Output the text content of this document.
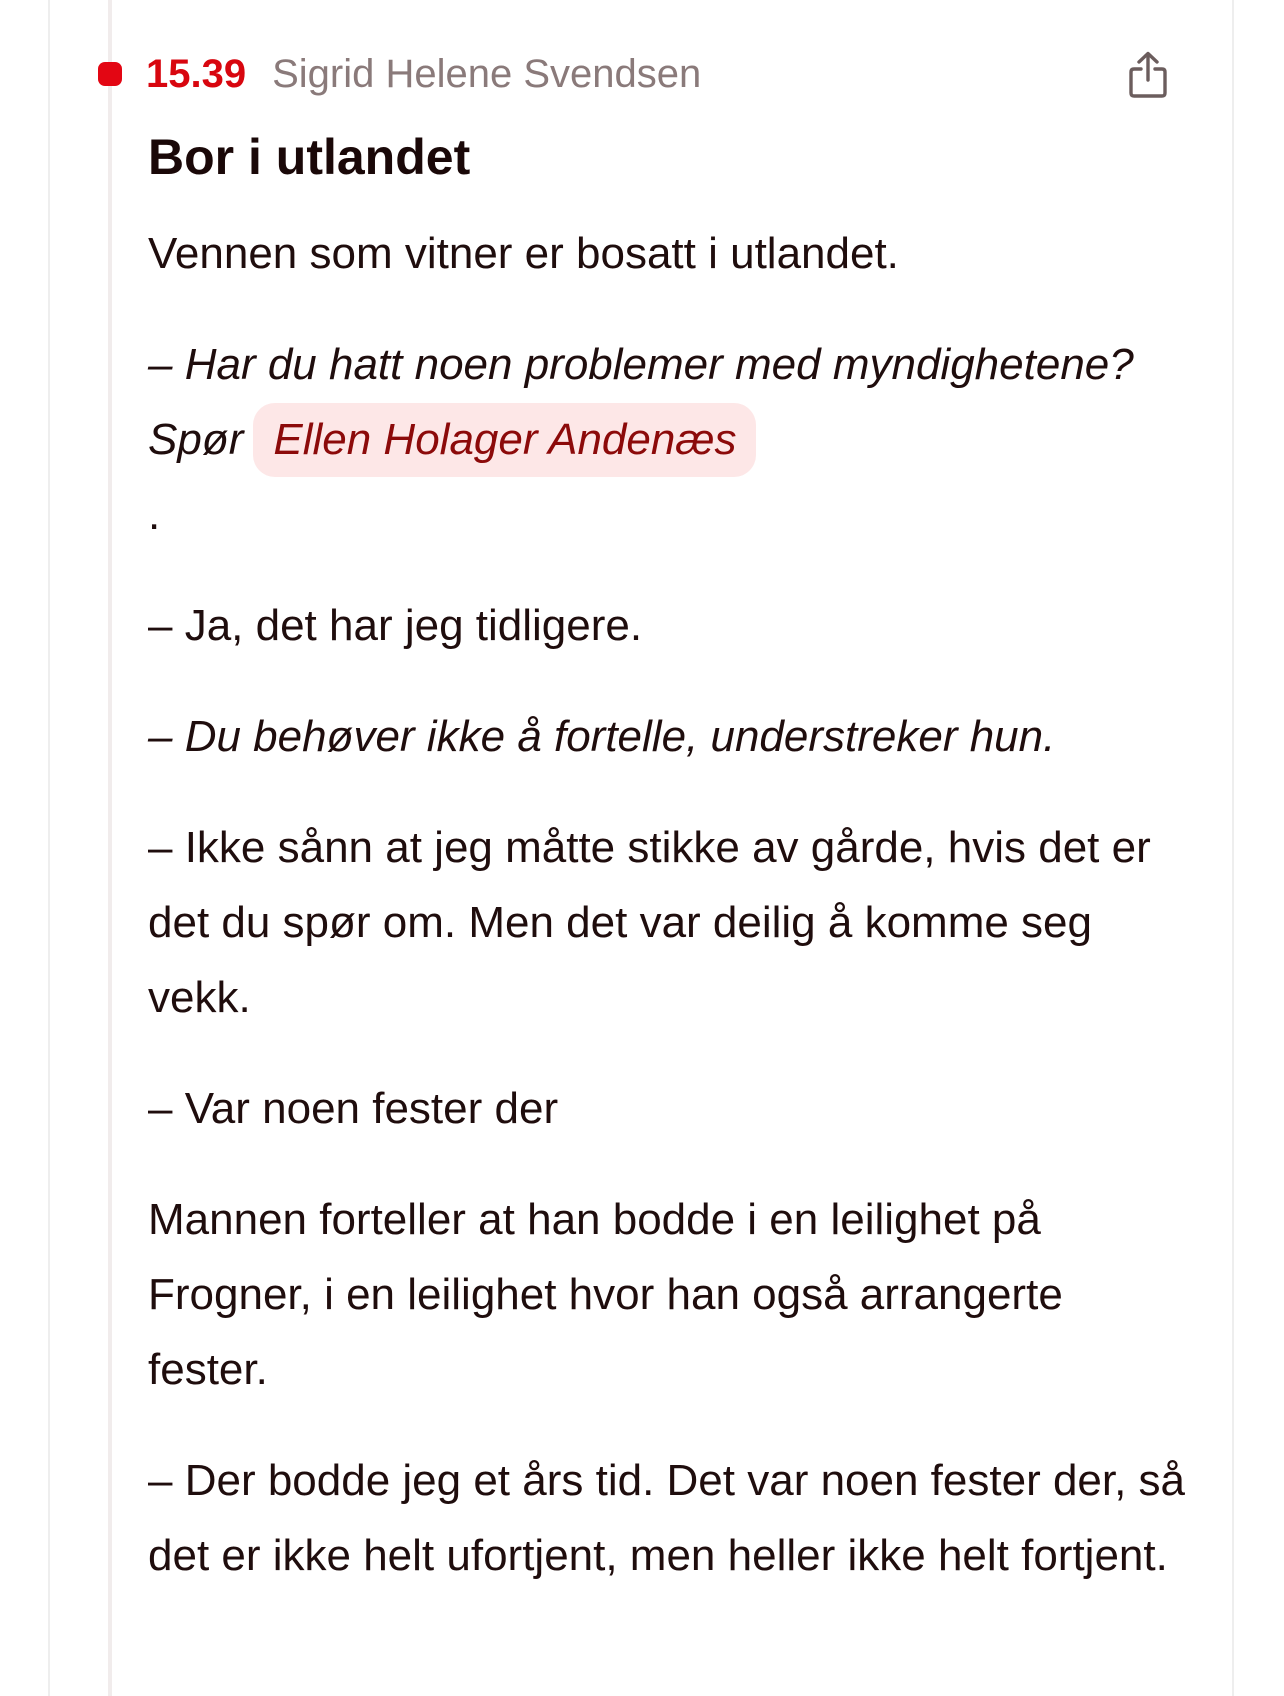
15.39 Sigrid Helene Svendsen
Bor i utlandet

Vennen som vitner er bosatt i utlandet.

– Har du hatt noen problemer med myndighetene? Spør Ellen Holager Andenæs
.

– Ja, det har jeg tidligere.

– Du behøver ikke å fortelle, understreker hun.

– Ikke sånn at jeg måtte stikke av gårde, hvis det er det du spør om. Men det var deilig å komme seg vekk.

– Var noen fester der

Mannen forteller at han bodde i en leilighet på Frogner, i en leilighet hvor han også arrangerte fester.

– Der bodde jeg et års tid. Det var noen fester der, så det er ikke helt ufortjent, men heller ikke helt fortjent.
